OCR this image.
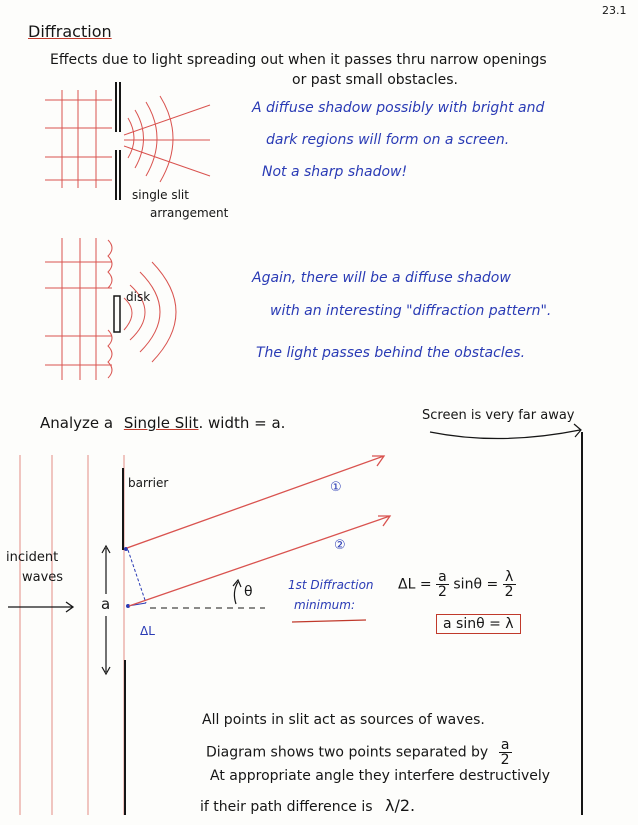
23.1
Diffraction
Effects due to light spreading out when it passes thru narrow openings
or past small obstacles.
single slit
arrangement
A diffuse shadow possibly with bright and
dark regions will form on a screen.
Not a sharp shadow!
disk
Again, there will be a diffuse shadow
with an interesting "diffraction pattern".
The light passes behind the obstacles.
Analyze a Single Slit. width = a.	Screen is very far away
barrier
incident
waves
a
ΔL
①
②
θ	1st Diffraction
minimum:
$\Delta L = \frac{a}{2}$ $\sin\theta = \frac{\lambda}{2}$
a sinθ = λ
All points in slit act as sources of waves.
Diagram shows two points separated by $\frac{a}{2}$
At appropriate angle they interfere destructively
if their path difference is λ/2.
